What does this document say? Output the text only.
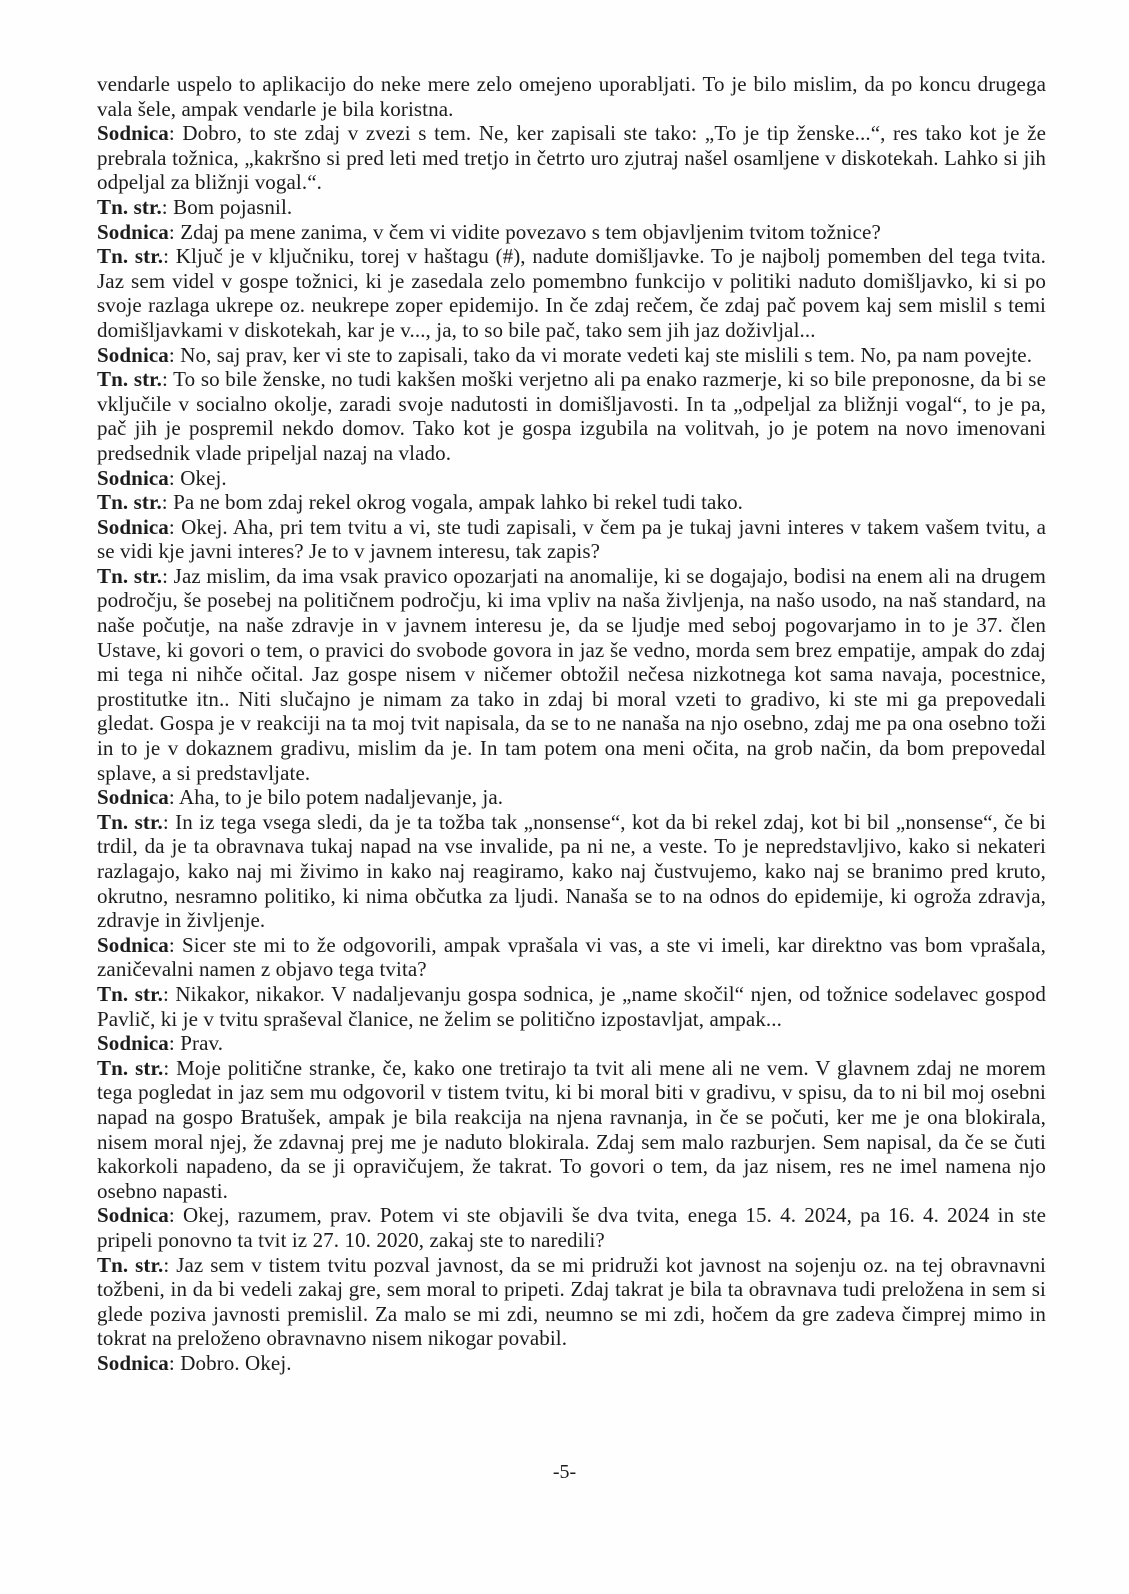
vendarle uspelo to aplikacijo do neke mere zelo omejeno uporabljati. To je bilo mislim, da po koncu drugega vala šele, ampak vendarle je bila koristna.

Sodnica: Dobro, to ste zdaj v zvezi s tem. Ne, ker zapisali ste tako: „To je tip ženske...“, res tako kot je že prebrala tožnica, „kakršno si pred leti med tretjo in četrto uro zjutraj našel osamljene v diskotekah. Lahko si jih odpeljal za bližnji vogal.“.

Tn. str.: Bom pojasnil.

Sodnica: Zdaj pa mene zanima, v čem vi vidite povezavo s tem objavljenim tvitom tožnice?

Tn. str.: Ključ je v ključniku, torej v haštagu (#), nadute domišljavke. To je najbolj pomemben del tega tvita. Jaz sem videl v gospe tožnici, ki je zasedala zelo pomembno funkcijo v politiki naduto domišljavko, ki si po svoje razlaga ukrepe oz. neukrepe zoper epidemijo. In če zdaj rečem, če zdaj pač povem kaj sem mislil s temi domišljavkami v diskotekah, kar je v..., ja, to so bile pač, tako sem jih jaz doživljal...

Sodnica: No, saj prav, ker vi ste to zapisali, tako da vi morate vedeti kaj ste mislili s tem. No, pa nam povejte.

Tn. str.: To so bile ženske, no tudi kakšen moški verjetno ali pa enako razmerje, ki so bile preponosne, da bi se vključile v socialno okolje, zaradi svoje nadutosti in domišljavosti. In ta „odpeljal za bližnji vogal“, to je pa, pač jih je pospremil nekdo domov. Tako kot je gospa izgubila na volitvah, jo je potem na novo imenovani predsednik vlade pripeljal nazaj na vlado.

Sodnica: Okej.

Tn. str.: Pa ne bom zdaj rekel okrog vogala, ampak lahko bi rekel tudi tako.

Sodnica: Okej. Aha, pri tem tvitu a vi, ste tudi zapisali, v čem pa je tukaj javni interes v takem vašem tvitu, a se vidi kje javni interes? Je to v javnem interesu, tak zapis?

Tn. str.: Jaz mislim, da ima vsak pravico opozarjati na anomalije, ki se dogajajo, bodisi na enem ali na drugem področju, še posebej na političnem področju, ki ima vpliv na naša življenja, na našo usodo, na naš standard, na naše počutje, na naše zdravje in v javnem interesu je, da se ljudje med seboj pogovarjamo in to je 37. člen Ustave, ki govori o tem, o pravici do svobode govora in jaz še vedno, morda sem brez empatije, ampak do zdaj mi tega ni nihče očital. Jaz gospe nisem v ničemer obtožil nečesa nizkotnega kot sama navaja, pocestnice, prostitutke itn.. Niti slučajno je nimam za tako in zdaj bi moral vzeti to gradivo, ki ste mi ga prepovedali gledat. Gospa je v reakciji na ta moj tvit napisala, da se to ne nanaša na njo osebno, zdaj me pa ona osebno toži in to je v dokaznem gradivu, mislim da je. In tam potem ona meni očita, na grob način, da bom prepovedal splave, a si predstavljate.

Sodnica: Aha, to je bilo potem nadaljevanje, ja.

Tn. str.: In iz tega vsega sledi, da je ta tožba tak „nonsense“, kot da bi rekel zdaj, kot bi bil „nonsense“, če bi trdil, da je ta obravnava tukaj napad na vse invalide, pa ni ne, a veste. To je nepredstavljivo, kako si nekateri razlagajo, kako naj mi živimo in kako naj reagiramo, kako naj čustvujemo, kako naj se branimo pred kruto, okrutno, nesramno politiko, ki nima občutka za ljudi. Nanaša se to na odnos do epidemije, ki ogroža zdravja, zdravje in življenje.

Sodnica: Sicer ste mi to že odgovorili, ampak vprašala vi vas, a ste vi imeli, kar direktno vas bom vprašala, zaničevalni namen z objavo tega tvita?

Tn. str.: Nikakor, nikakor. V nadaljevanju gospa sodnica, je „name skočil“ njen, od tožnice sodelavec gospod Pavlič, ki je v tvitu spraševal članice, ne želim se politično izpostavljat, ampak...

Sodnica: Prav.

Tn. str.: Moje politične stranke, če, kako one tretirajo ta tvit ali mene ali ne vem. V glavnem zdaj ne morem tega pogledat in jaz sem mu odgovoril v tistem tvitu, ki bi moral biti v gradivu, v spisu, da to ni bil moj osebni napad na gospo Bratušek, ampak je bila reakcija na njena ravnanja, in če se počuti, ker me je ona blokirala, nisem moral njej, že zdavnaj prej me je naduto blokirala. Zdaj sem malo razburjen. Sem napisal, da če se čuti kakorkoli napadeno, da se ji opravičujem, že takrat. To govori o tem, da jaz nisem, res ne imel namena njo osebno napasti.

Sodnica: Okej, razumem, prav. Potem vi ste objavili še dva tvita, enega 15. 4. 2024, pa 16. 4. 2024 in ste pripeli ponovno ta tvit iz 27. 10. 2020, zakaj ste to naredili?

Tn. str.: Jaz sem v tistem tvitu pozval javnost, da se mi pridruži kot javnost na sojenju oz. na tej obravnavni tožbeni, in da bi vedeli zakaj gre, sem moral to pripeti. Zdaj takrat je bila ta obravnava tudi preložena in sem si glede poziva javnosti premislil. Za malo se mi zdi, neumno se mi zdi, hočem da gre zadeva čimprej mimo in tokrat na preloženo obravnavno nisem nikogar povabil.

Sodnica: Dobro. Okej.

-5-
